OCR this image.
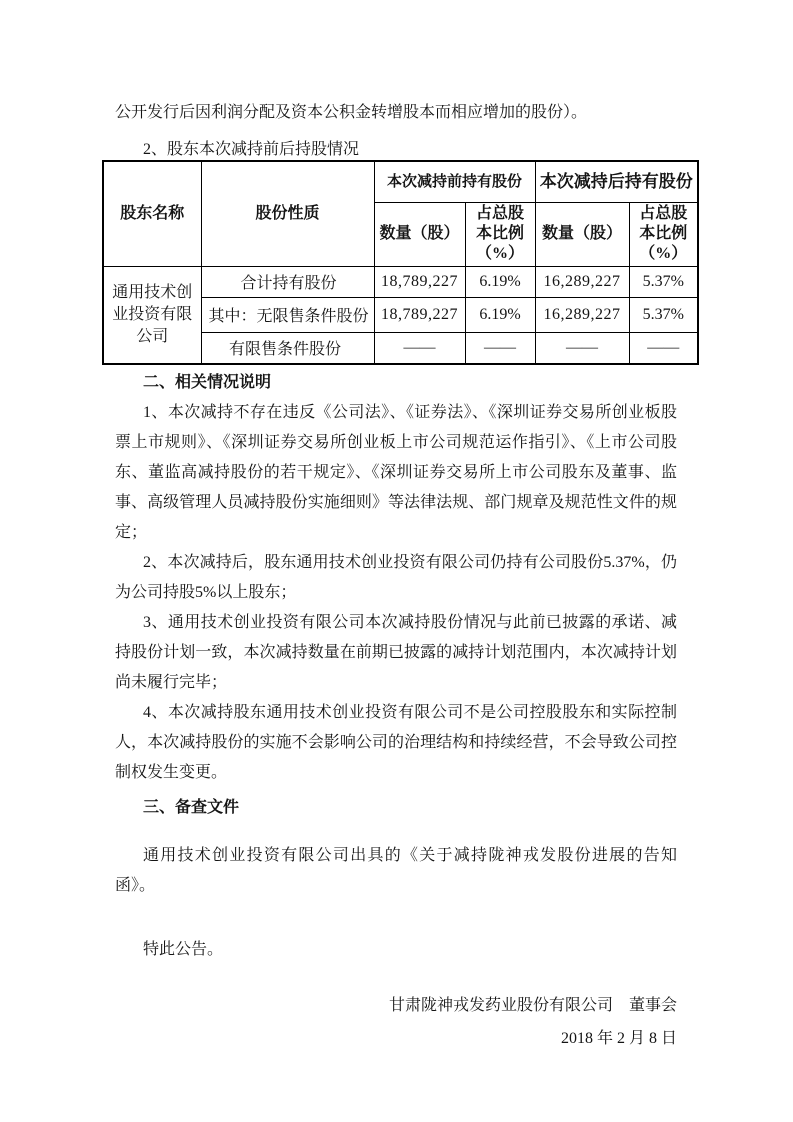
公开发行后因利润分配及资本公积金转增股本而相应增加的股份）。

2、股东本次减持前后持股情况

股东名称	股份性质	本次减持前持有股份		本次减持后持有股份	
		数量（股）	占总股本比例（%）	数量（股）	占总股本比例（%）
通用技术创业投资有限公司	合计持有股份	18,789,227	6.19%	16,289,227	5.37%
	其中：无限售条件股份	18,789,227	6.19%	16,289,227	5.37%
	有限售条件股份	——	——	——	——

二、相关情况说明

1、本次减持不存在违反《公司法》、《证券法》、《深圳证券交易所创业板股票上市规则》、《深圳证券交易所创业板上市公司规范运作指引》、《上市公司股东、董监高减持股份的若干规定》、《深圳证券交易所上市公司股东及董事、监事、高级管理人员减持股份实施细则》等法律法规、部门规章及规范性文件的规定；

2、本次减持后，股东通用技术创业投资有限公司仍持有公司股份5.37%，仍为公司持股5%以上股东；

3、通用技术创业投资有限公司本次减持股份情况与此前已披露的承诺、减持股份计划一致，本次减持数量在前期已披露的减持计划范围内，本次减持计划尚未履行完毕；

4、本次减持股东通用技术创业投资有限公司不是公司控股股东和实际控制人，本次减持股份的实施不会影响公司的治理结构和持续经营，不会导致公司控制权发生变更。

三、备查文件

通用技术创业投资有限公司出具的《关于减持陇神戎发股份进展的告知函》。

特此公告。

甘肃陇神戎发药业股份有限公司　董事会

2018 年 2 月 8 日
